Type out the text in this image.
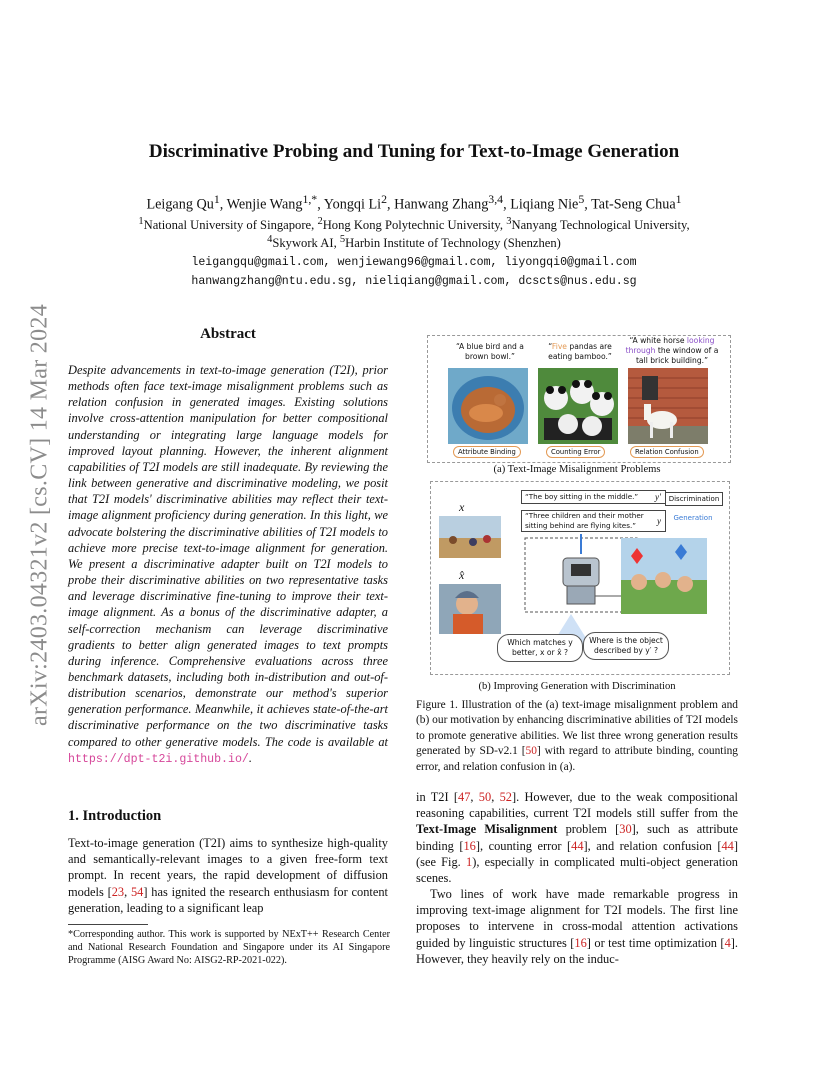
arXiv:2403.04321v2 [cs.CV] 14 Mar 2024
Discriminative Probing and Tuning for Text-to-Image Generation
Leigang Qu$^1$, Wenjie Wang$^{1,*}$, Yongqi Li$^2$, Hanwang Zhang$^{3,4}$, Liqiang Nie$^5$, Tat-Seng Chua$^1$
$^1$National University of Singapore, $^2$Hong Kong Polytechnic University, $^3$Nanyang Technological University,
$^4$Skywork AI, $^5$Harbin Institute of Technology (Shenzhen)
leigangqu@gmail.com, wenjiewang96@gmail.com, liyongqi0@gmail.com
hanwangzhang@ntu.edu.sg, nieliqiang@gmail.com, dcscts@nus.edu.sg
Abstract
Despite advancements in text-to-image generation (T2I), prior methods often face text-image misalignment problems such as relation confusion in generated images. Existing solutions involve cross-attention manipulation for better compositional understanding or integrating large language models for improved layout planning. However, the inherent alignment capabilities of T2I models are still inadequate. By reviewing the link between generative and discriminative modeling, we posit that T2I models' discriminative abilities may reflect their text-image alignment proficiency during generation. In this light, we advocate bolstering the discriminative abilities of T2I models to achieve more precise text-to-image alignment for generation. We present a discriminative adapter built on T2I models to probe their discriminative abilities on two representative tasks and leverage discriminative fine-tuning to improve their text-image alignment. As a bonus of the discriminative adapter, a self-correction mechanism can leverage discriminative gradients to better align generated images to text prompts during inference. Comprehensive evaluations across three benchmark datasets, including both in-distribution and out-of-distribution scenarios, demonstrate our method's superior generation performance. Meanwhile, it achieves state-of-the-art discriminative performance on the two discriminative tasks compared to other generative models. The code is available at https://dpt-t2i.github.io/.
1. Introduction
Text-to-image generation (T2I) aims to synthesize high-quality and semantically-relevant images to a given free-form text prompt. In recent years, the rapid development of diffusion models [23, 54] has ignited the research enthusiasm for content generation, leading to a significant leap
*Corresponding author. This work is supported by NExT++ Research Center and National Research Foundation and Singapore under its AI Singapore Programme (AISG Award No: AISG2-RP-2021-022).
“A blue bird and a brown bowl.”
“Five pandas are eating bamboo.”
“A white horse looking through the window of a tall brick building.”
Attribute Binding	Counting Error	Relation Confusion
(a) Text-Image Misalignment Problems
“The boy sitting in the middle.” y′
“Three children and their mother sitting behind are flying kites.” y
Discrimination
Generation
x
x̂
Which matches y better, x or x̂ ?
Where is the object described by y′ ?
(b) Improving Generation with Discrimination
Figure 1. Illustration of the (a) text-image misalignment problem and (b) our motivation by enhancing discriminative abilities of T2I models to promote generative abilities. We list three wrong generation results generated by SD-v2.1 [50] with regard to attribute binding, counting error, and relation confusion in (a).
in T2I [47, 50, 52]. However, due to the weak compositional reasoning capabilities, current T2I models still suffer from the Text-Image Misalignment problem [30], such as attribute binding [16], counting error [44], and relation confusion [44] (see Fig. 1), especially in complicated multi-object generation scenes.
Two lines of work have made remarkable progress in improving text-image alignment for T2I models. The first line proposes to intervene in cross-modal attention activations guided by linguistic structures [16] or test time optimization [4]. However, they heavily rely on the induc-
